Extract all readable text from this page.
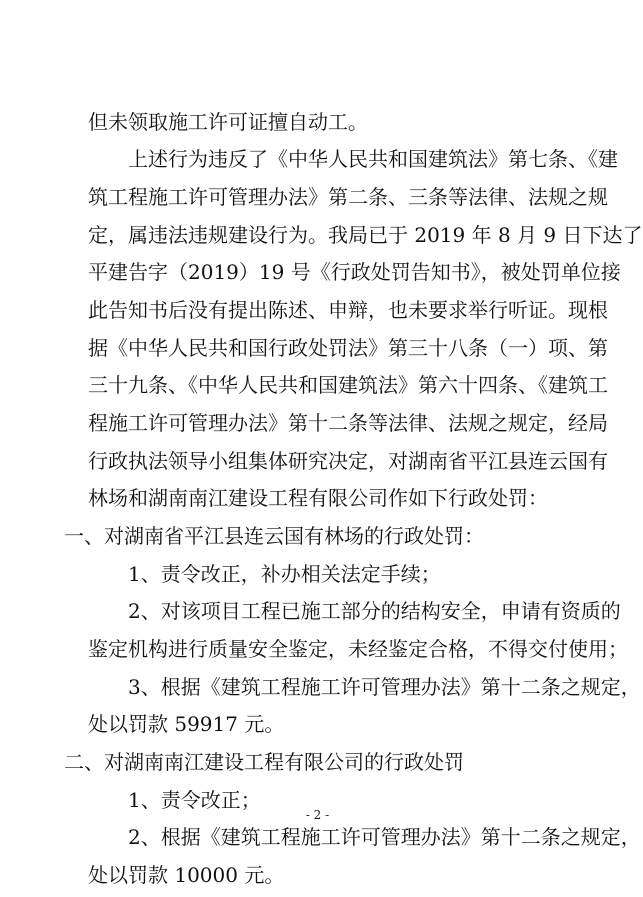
但未领取施工许可证擅自动工。
上述行为违反了《中华人民共和国建筑法》第七条、《建
筑工程施工许可管理办法》第二条、三条等法律、法规之规
定，属违法违规建设行为。我局已于 2019 年 8 月 9 日下达了
平建告字（2019）19 号《行政处罚告知书》，被处罚单位接
此告知书后没有提出陈述、申辩，也未要求举行听证。现根
据《中华人民共和国行政处罚法》第三十八条（一）项、第
三十九条、《中华人民共和国建筑法》第六十四条、《建筑工
程施工许可管理办法》第十二条等法律、法规之规定，经局
行政执法领导小组集体研究决定，对湖南省平江县连云国有
林场和湖南南江建设工程有限公司作如下行政处罚：
一、对湖南省平江县连云国有林场的行政处罚：
1、责令改正，补办相关法定手续；
2、对该项目工程已施工部分的结构安全，申请有资质的
鉴定机构进行质量安全鉴定，未经鉴定合格，不得交付使用；
3、根据《建筑工程施工许可管理办法》第十二条之规定，
处以罚款 59917 元。
二、对湖南南江建设工程有限公司的行政处罚
1、责令改正；
2、根据《建筑工程施工许可管理办法》第十二条之规定，
处以罚款 10000 元。
- 2 -
